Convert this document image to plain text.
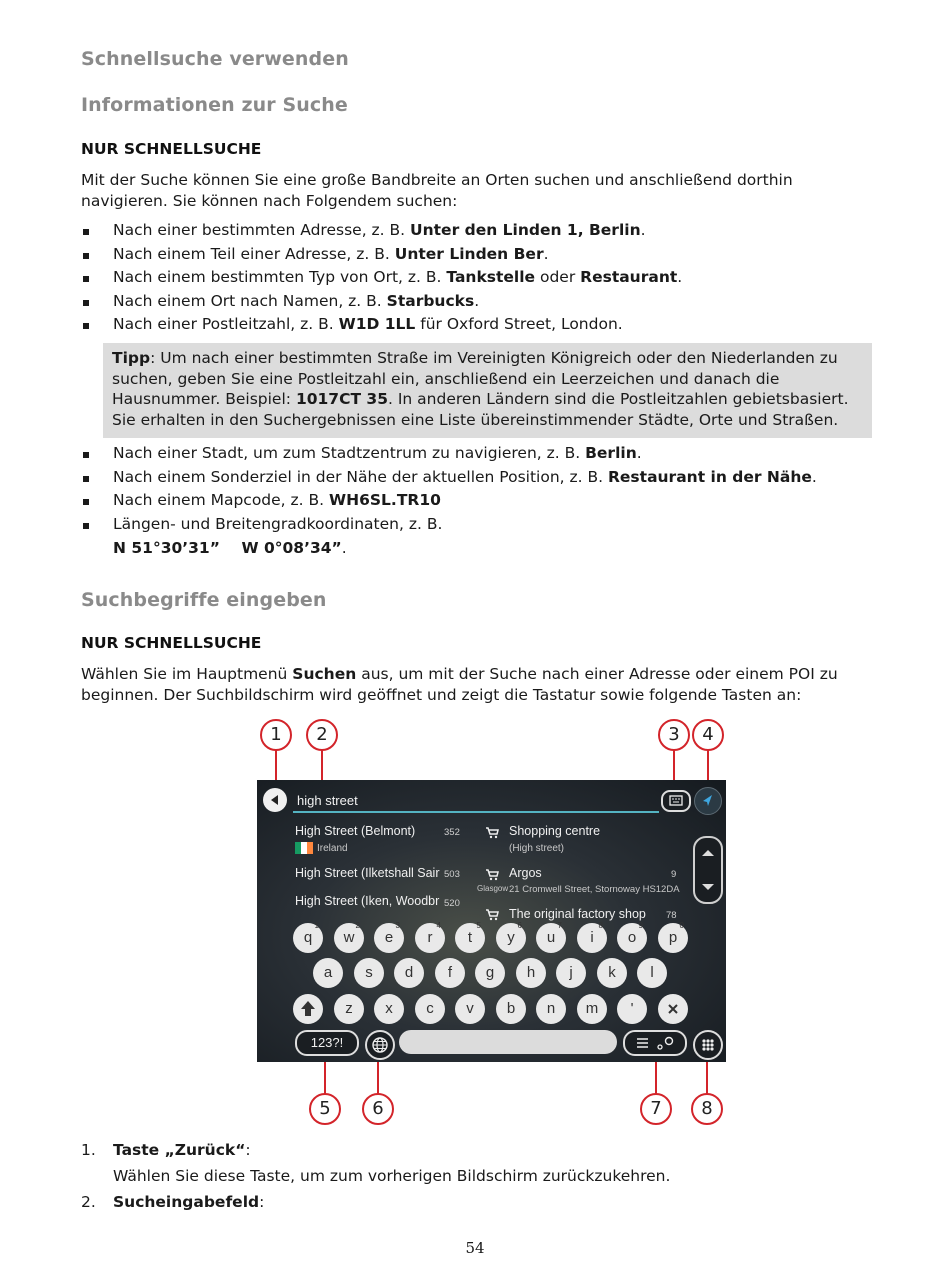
Schnellsuche verwenden
Informationen zur Suche
NUR SCHNELLSUCHE

Mit der Suche können Sie eine große Bandbreite an Orten suchen und anschließend dorthin
navigieren. Sie können nach Folgendem suchen:

Nach einer bestimmten Adresse, z. B. Unter den Linden 1, Berlin.
Nach einem Teil einer Adresse, z. B. Unter Linden Ber.
Nach einem bestimmten Typ von Ort, z. B. Tankstelle oder Restaurant.
Nach einem Ort nach Namen, z. B. Starbucks.
Nach einer Postleitzahl, z. B. W1D 1LL für Oxford Street, London.
Tipp: Um nach einer bestimmten Straße im Vereinigten Königreich oder den Niederlanden zu
suchen, geben Sie eine Postleitzahl ein, anschließend ein Leerzeichen und danach die
Hausnummer. Beispiel: 1017CT 35. In anderen Ländern sind die Postleitzahlen gebietsbasiert.
Sie erhalten in den Suchergebnissen eine Liste übereinstimmender Städte, Orte und Straßen.
Nach einer Stadt, um zum Stadtzentrum zu navigieren, z. B. Berlin.
Nach einem Sonderziel in der Nähe der aktuellen Position, z. B. Restaurant in der Nähe.
Nach einem Mapcode, z. B. WH6SL.TR10
Längen- und Breitengradkoordinaten, z. B.
N 51°30’31”    W 0°08’34”.
Suchbegriffe eingeben
NUR SCHNELLSUCHE

Wählen Sie im Hauptmenü Suchen aus, um mit der Suche nach einer Adresse oder einem POI zu
beginnen. Der Suchbildschirm wird geöffnet und zeigt die Tastatur sowie folgende Tasten an:

high street
High Street (Belmont)	352
Ireland
High Street (Ilketshall Sair 503
High Street (Iken, Woodbr 520
Shopping centre
(High street)
Argos	9
Glasgow 21 Cromwell Street, Stornoway HS12DA
The original factory shop 78
q
1
w
2
e
3
r
4
t
5
y
6
u
7
i
8
o
9
p
0
a	s	d	f	g	h	j	k	l
z	x	c	v	b	n	m	'
123?!
1	2	3	4
5	6	7	8
1. Taste „Zurück“:
Wählen Sie diese Taste, um zum vorherigen Bildschirm zurückzukehren.
2. Sucheingabefeld:
54
